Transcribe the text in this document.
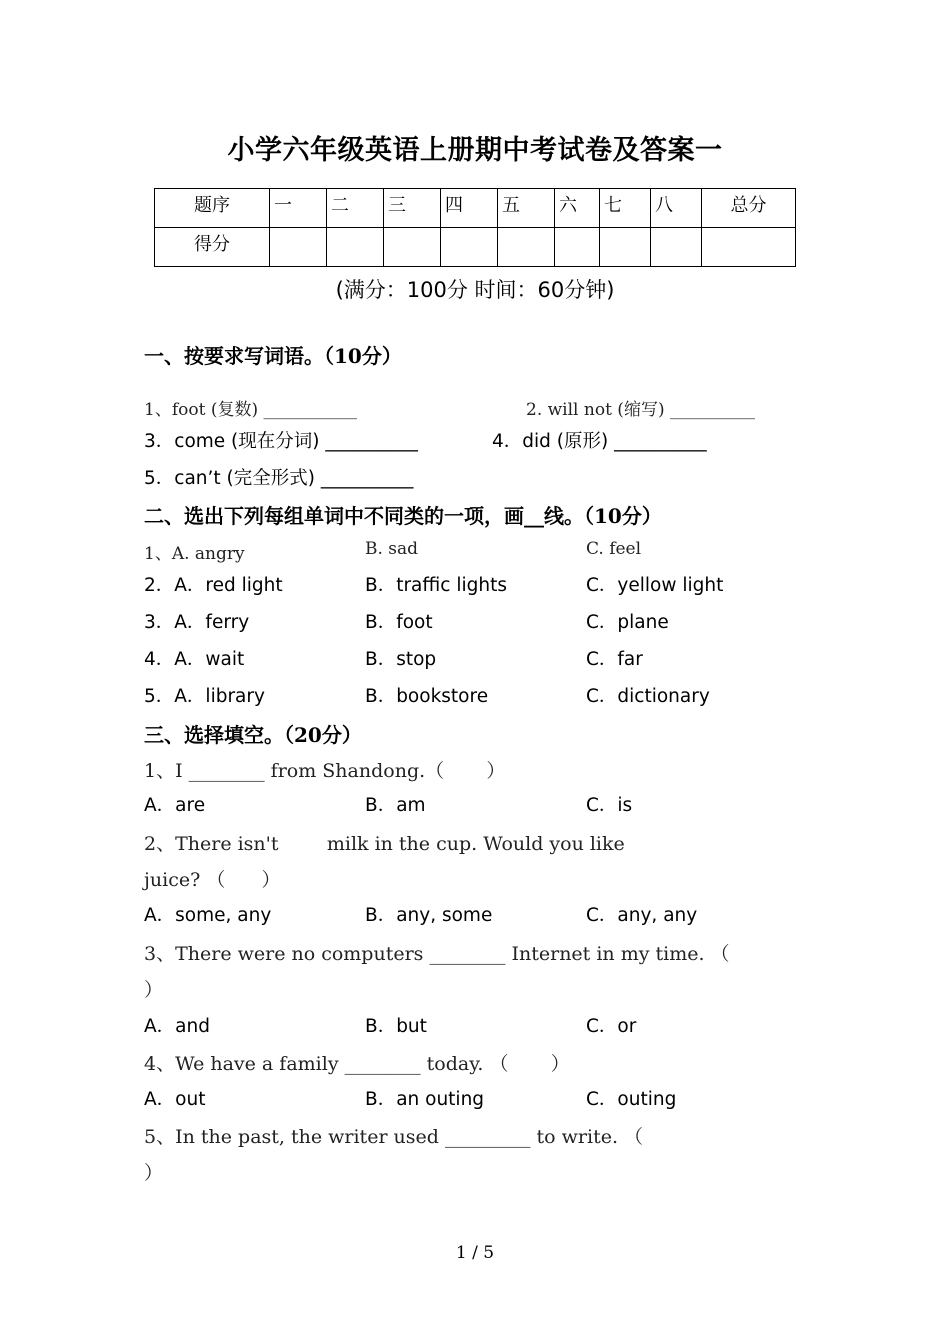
小学六年级英语上册期中考试卷及答案一
题序	一	二	三	四	五	六	七	八	总分
得分									
(满分：100分 时间：60分钟)
一、按要求写词语。（10分）
1、foot (复数) ___________	2. will not (缩写) __________
3．come (现在分词) __________	4．did (原形) __________
5．can’t (完全形式) __________
二、选出下列每组单词中不同类的一项，画__线。（10分）
1、A. angry	B. sad	C. feel
2．A．red light	B．traffic lights	C．yellow light
3．A．ferry	B．foot	C．plane
4．A．wait	B．stop	C．far
5．A．library	B．bookstore	C．dictionary
三、选择填空。（20分）
1、I ________ from Shandong.（       ）
A．are	B．am	C．is
2、There isn't        milk in the cup. Would you like
juice? （      ）
A．some, any	B．any, some	C．any, any
3、There were no computers ________ Internet in my time. （
）
A．and	B．but	C．or
4、We have a family ________ today. （       ）
A．out	B．an outing	C．outing
5、In the past, the writer used _________ to write. （
）
1 / 5
